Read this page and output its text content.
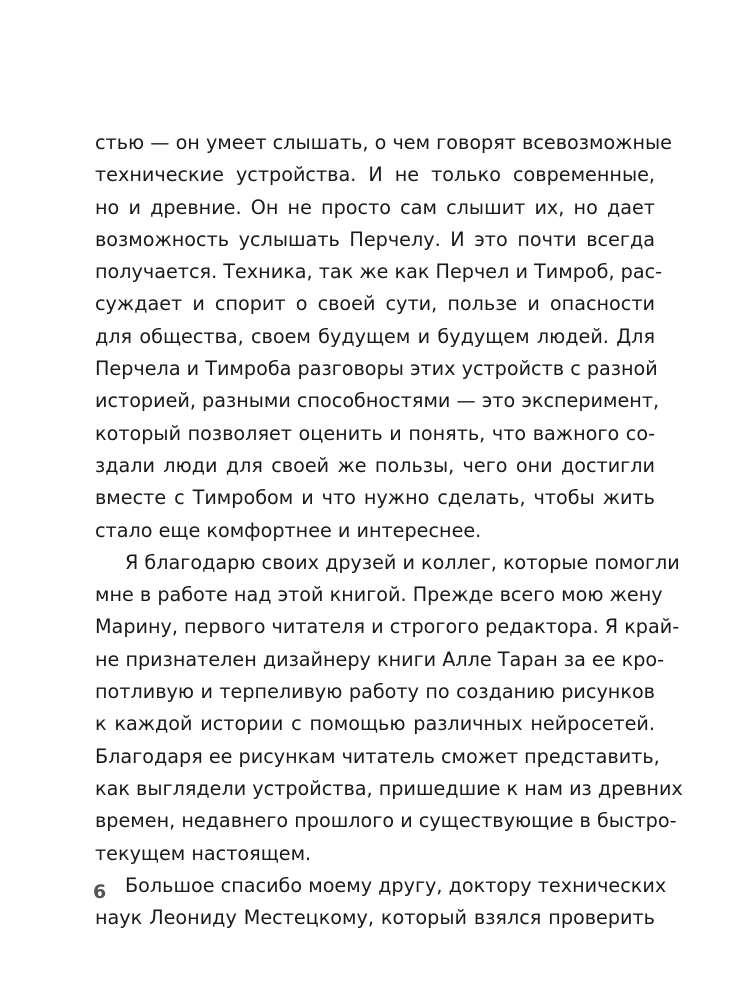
стью — он умеет слышать, о чем говорят всевозможные
технические устройства. И не только современные,
но и древние. Он не просто сам слышит их, но дает
возможность услышать Перчелу. И это почти всегда
получается. Техника, так же как Перчел и Тимроб, рас-
суждает и спорит о своей сути, пользе и опасности
для общества, своем будущем и будущем людей. Для
Перчела и Тимроба разговоры этих устройств с разной
историей, разными способностями — это эксперимент,
который позволяет оценить и понять, что важного со-
здали люди для своей же пользы, чего они достигли
вместе с Тимробом и что нужно сделать, чтобы жить
стало еще комфортнее и интереснее.
Я благодарю своих друзей и коллег, которые помогли
мне в работе над этой книгой. Прежде всего мою жену
Марину, первого читателя и строгого редактора. Я край-
не признателен дизайнеру книги Алле Таран за ее кро-
потливую и терпеливую работу по созданию рисунков
к каждой истории с помощью различных нейросетей.
Благодаря ее рисункам читатель сможет представить,
как выглядели устройства, пришедшие к нам из древних
времен, недавнего прошлого и существующие в быстро-
текущем настоящем.
Большое спасибо моему другу, доктору технических
наук Леониду Местецкому, который взялся проверить
6
